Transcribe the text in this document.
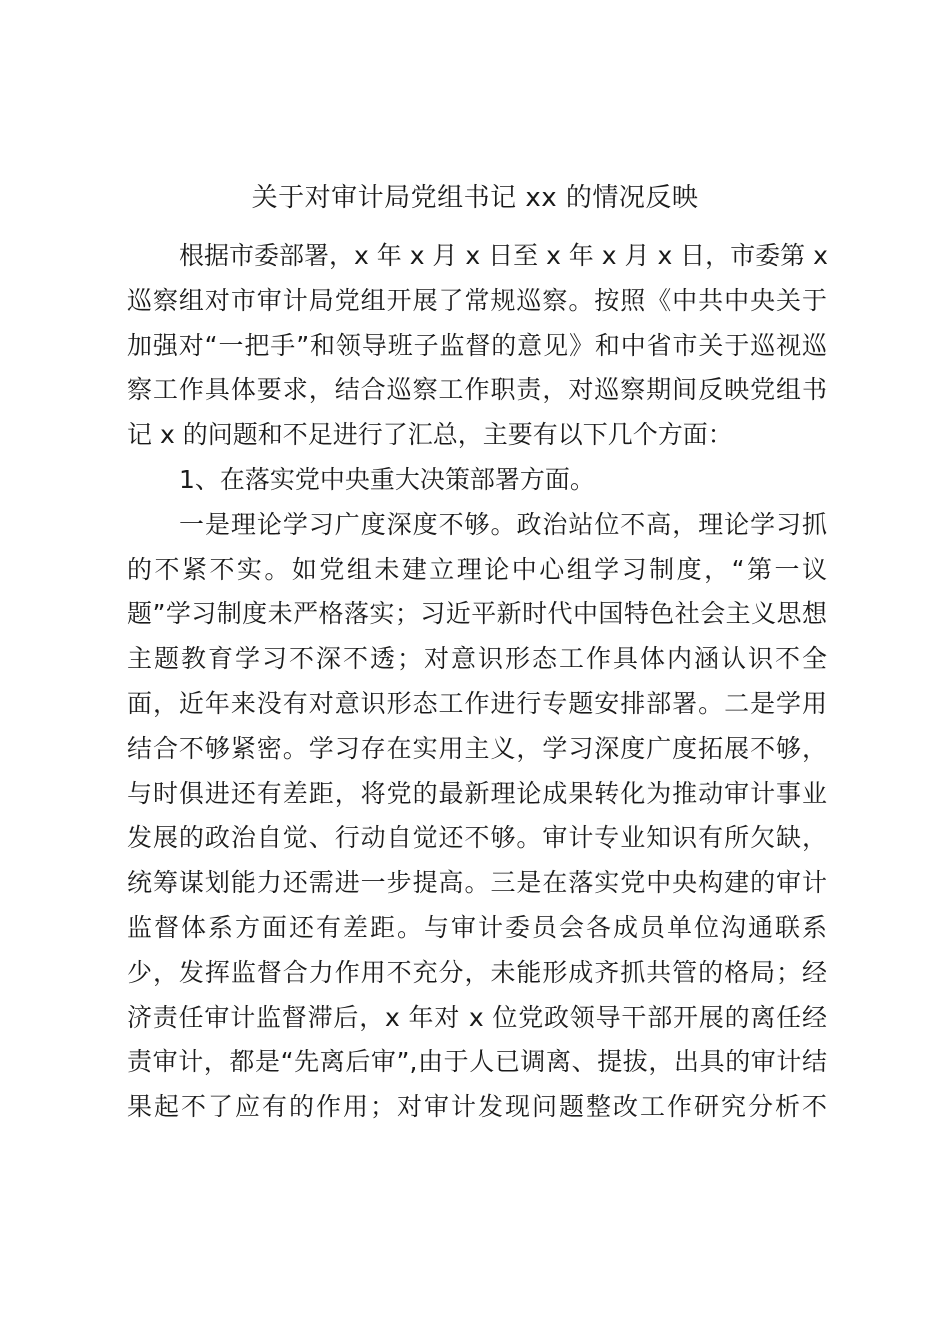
关于对审计局党组书记 xx 的情况反映

根据市委部署，x 年 x 月 x 日至 x 年 x 月 x 日，市委第 x

巡察组对市审计局党组开展了常规巡察。按照《中共中央关于

加强对“一把手”和领导班子监督的意见》和中省市关于巡视巡

察工作具体要求，结合巡察工作职责，对巡察期间反映党组书

记 x 的问题和不足进行了汇总，主要有以下几个方面：

1、在落实党中央重大决策部署方面。

一是理论学习广度深度不够。政治站位不高，理论学习抓

的不紧不实。如党组未建立理论中心组学习制度，“第一议

题”学习制度未严格落实；习近平新时代中国特色社会主义思想

主题教育学习不深不透；对意识形态工作具体内涵认识不全

面，近年来没有对意识形态工作进行专题安排部署。二是学用

结合不够紧密。学习存在实用主义，学习深度广度拓展不够，

与时俱进还有差距，将党的最新理论成果转化为推动审计事业

发展的政治自觉、行动自觉还不够。审计专业知识有所欠缺，

统筹谋划能力还需进一步提高。三是在落实党中央构建的审计

监督体系方面还有差距。与审计委员会各成员单位沟通联系

少，发挥监督合力作用不充分，未能形成齐抓共管的格局；经

济责任审计监督滞后，x 年对 x 位党政领导干部开展的离任经

责审计，都是“先离后审”,由于人已调离、提拔，出具的审计结

果起不了应有的作用；对审计发现问题整改工作研究分析不
